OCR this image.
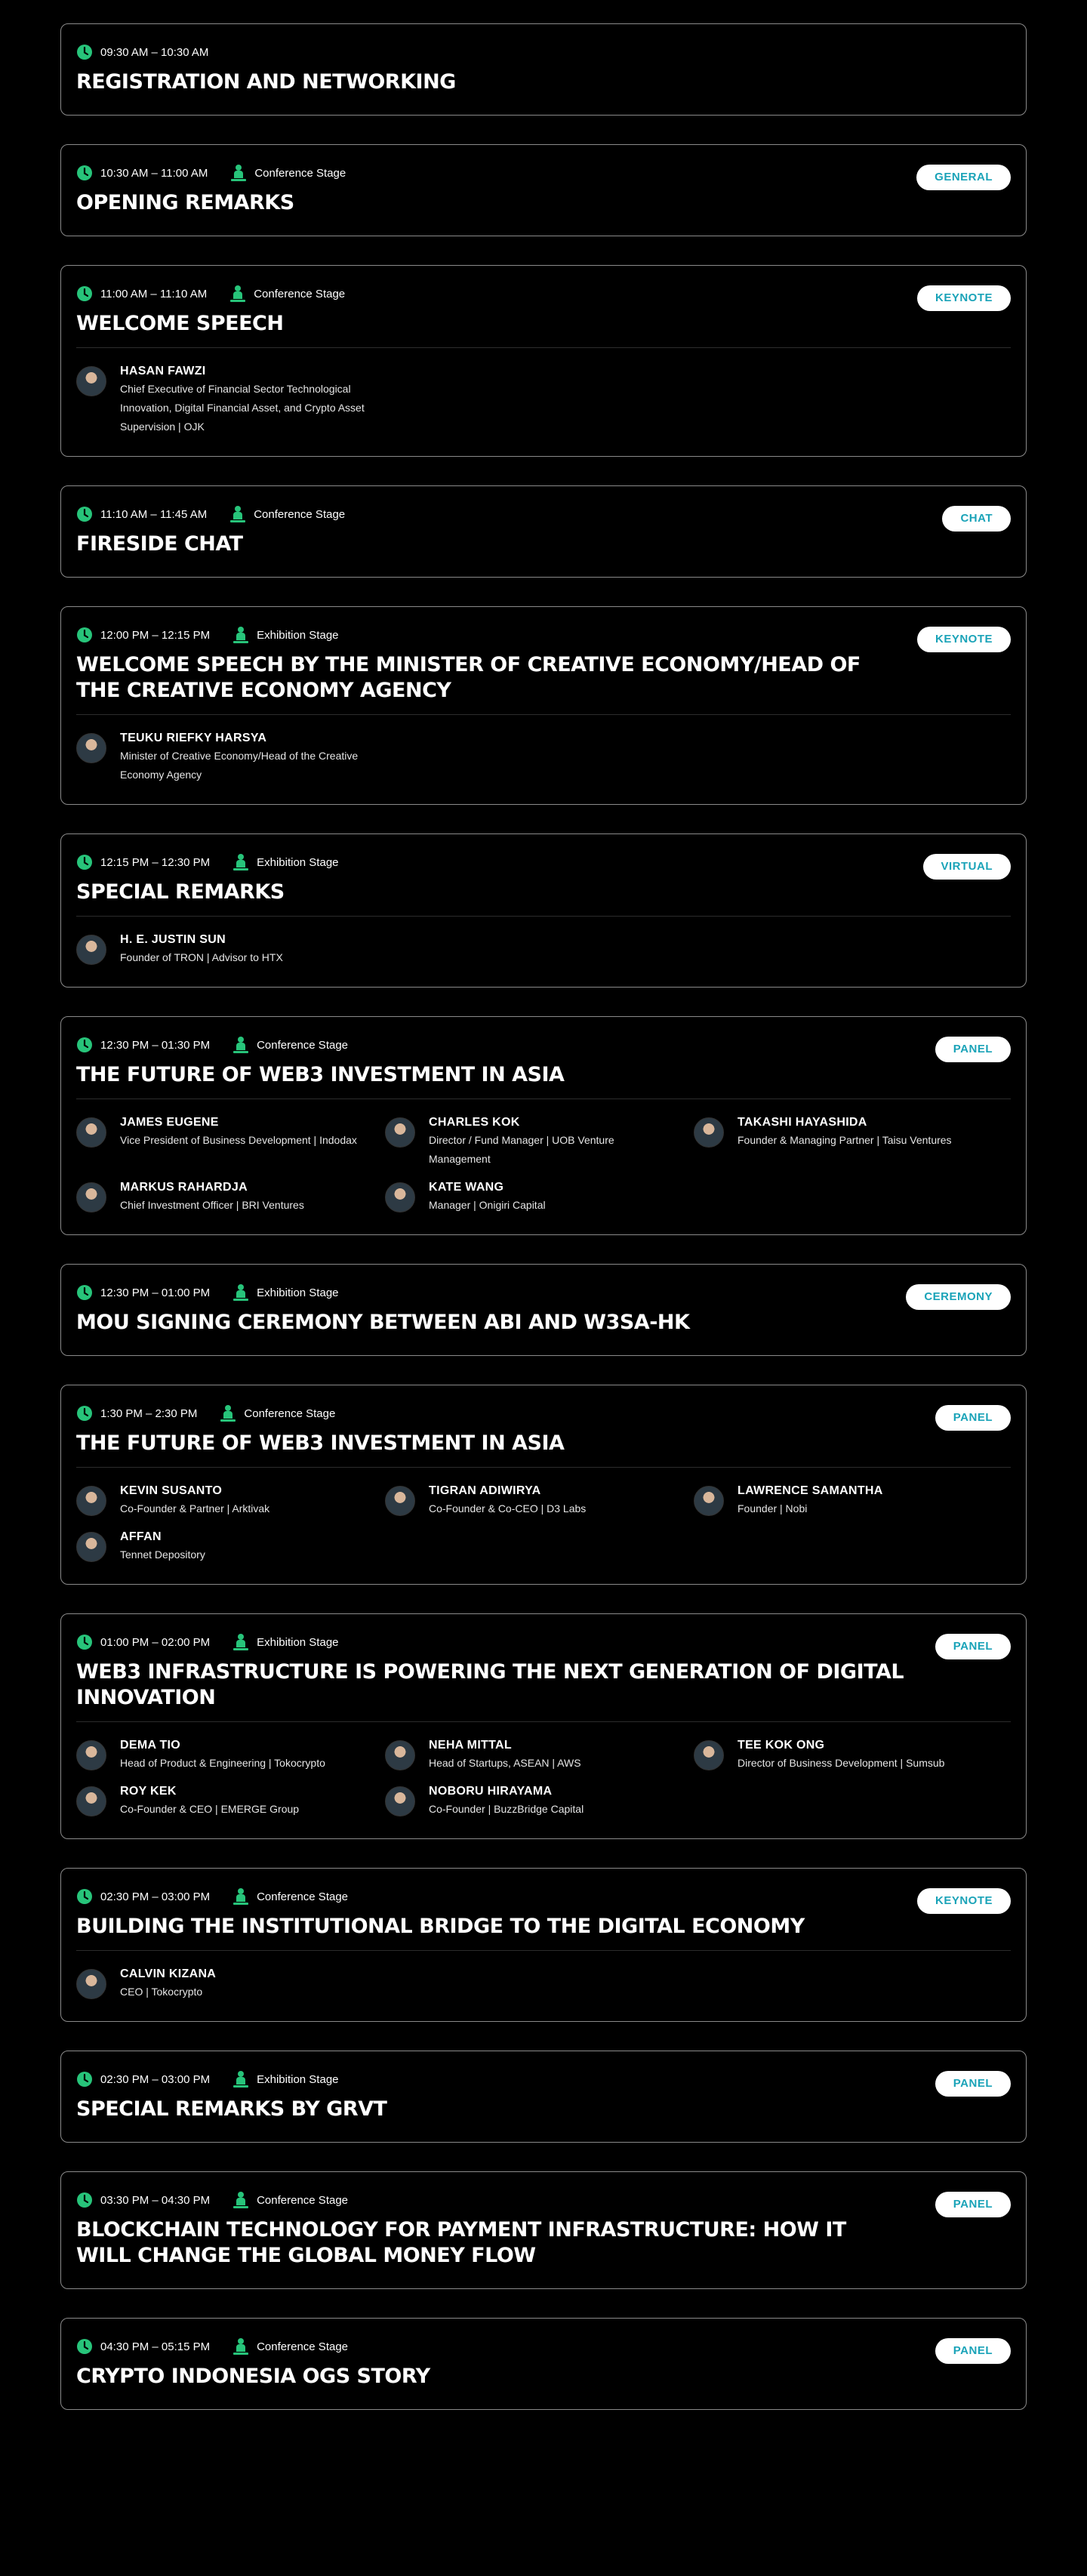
09:30 AM – 10:30 AM
REGISTRATION AND NETWORKING
10:30 AM – 11:00 AM	Conference Stage	GENERAL
OPENING REMARKS
11:00 AM – 11:10 AM	Conference Stage	KEYNOTE
WELCOME SPEECH
HASAN FAWZI
Chief Executive of Financial Sector Technological Innovation, Digital Financial Asset, and Crypto Asset Supervision | OJK
11:10 AM – 11:45 AM	Conference Stage	CHAT
FIRESIDE CHAT
12:00 PM – 12:15 PM	Exhibition Stage	KEYNOTE
WELCOME SPEECH BY THE MINISTER OF CREATIVE ECONOMY/HEAD OF THE CREATIVE ECONOMY AGENCY
TEUKU RIEFKY HARSYA
Minister of Creative Economy/Head of the Creative Economy Agency
12:15 PM – 12:30 PM	Exhibition Stage	VIRTUAL
SPECIAL REMARKS
H. E. JUSTIN SUN
Founder of TRON | Advisor to HTX
12:30 PM – 01:30 PM	Conference Stage	PANEL
THE FUTURE OF WEB3 INVESTMENT IN ASIA
JAMES EUGENE
Vice President of Business Development | Indodax
CHARLES KOK
Director / Fund Manager | UOB Venture Management
TAKASHI HAYASHIDA
Founder & Managing Partner | Taisu Ventures
MARKUS RAHARDJA
Chief Investment Officer | BRI Ventures
KATE WANG
Manager | Onigiri Capital
12:30 PM – 01:00 PM	Exhibition Stage	CEREMONY
MOU SIGNING CEREMONY BETWEEN ABI AND W3SA-HK
1:30 PM – 2:30 PM	Conference Stage	PANEL
THE FUTURE OF WEB3 INVESTMENT IN ASIA
KEVIN SUSANTO
Co-Founder & Partner | Arktivak
TIGRAN ADIWIRYA
Co-Founder & Co-CEO | D3 Labs
LAWRENCE SAMANTHA
Founder | Nobi
AFFAN
Tennet Depository
01:00 PM – 02:00 PM	Exhibition Stage	PANEL
WEB3 INFRASTRUCTURE IS POWERING THE NEXT GENERATION OF DIGITAL INNOVATION
DEMA TIO
Head of Product & Engineering | Tokocrypto
NEHA MITTAL
Head of Startups, ASEAN | AWS
TEE KOK ONG
Director of Business Development | Sumsub
ROY KEK
Co-Founder & CEO | EMERGE Group
NOBORU HIRAYAMA
Co-Founder | BuzzBridge Capital
02:30 PM – 03:00 PM	Conference Stage	KEYNOTE
BUILDING THE INSTITUTIONAL BRIDGE TO THE DIGITAL ECONOMY
CALVIN KIZANA
CEO | Tokocrypto
02:30 PM – 03:00 PM	Exhibition Stage	PANEL
SPECIAL REMARKS BY GRVT
03:30 PM – 04:30 PM	Conference Stage	PANEL
BLOCKCHAIN TECHNOLOGY FOR PAYMENT INFRASTRUCTURE: HOW IT WILL CHANGE THE GLOBAL MONEY FLOW
04:30 PM – 05:15 PM	Conference Stage	PANEL
CRYPTO INDONESIA OGS STORY
